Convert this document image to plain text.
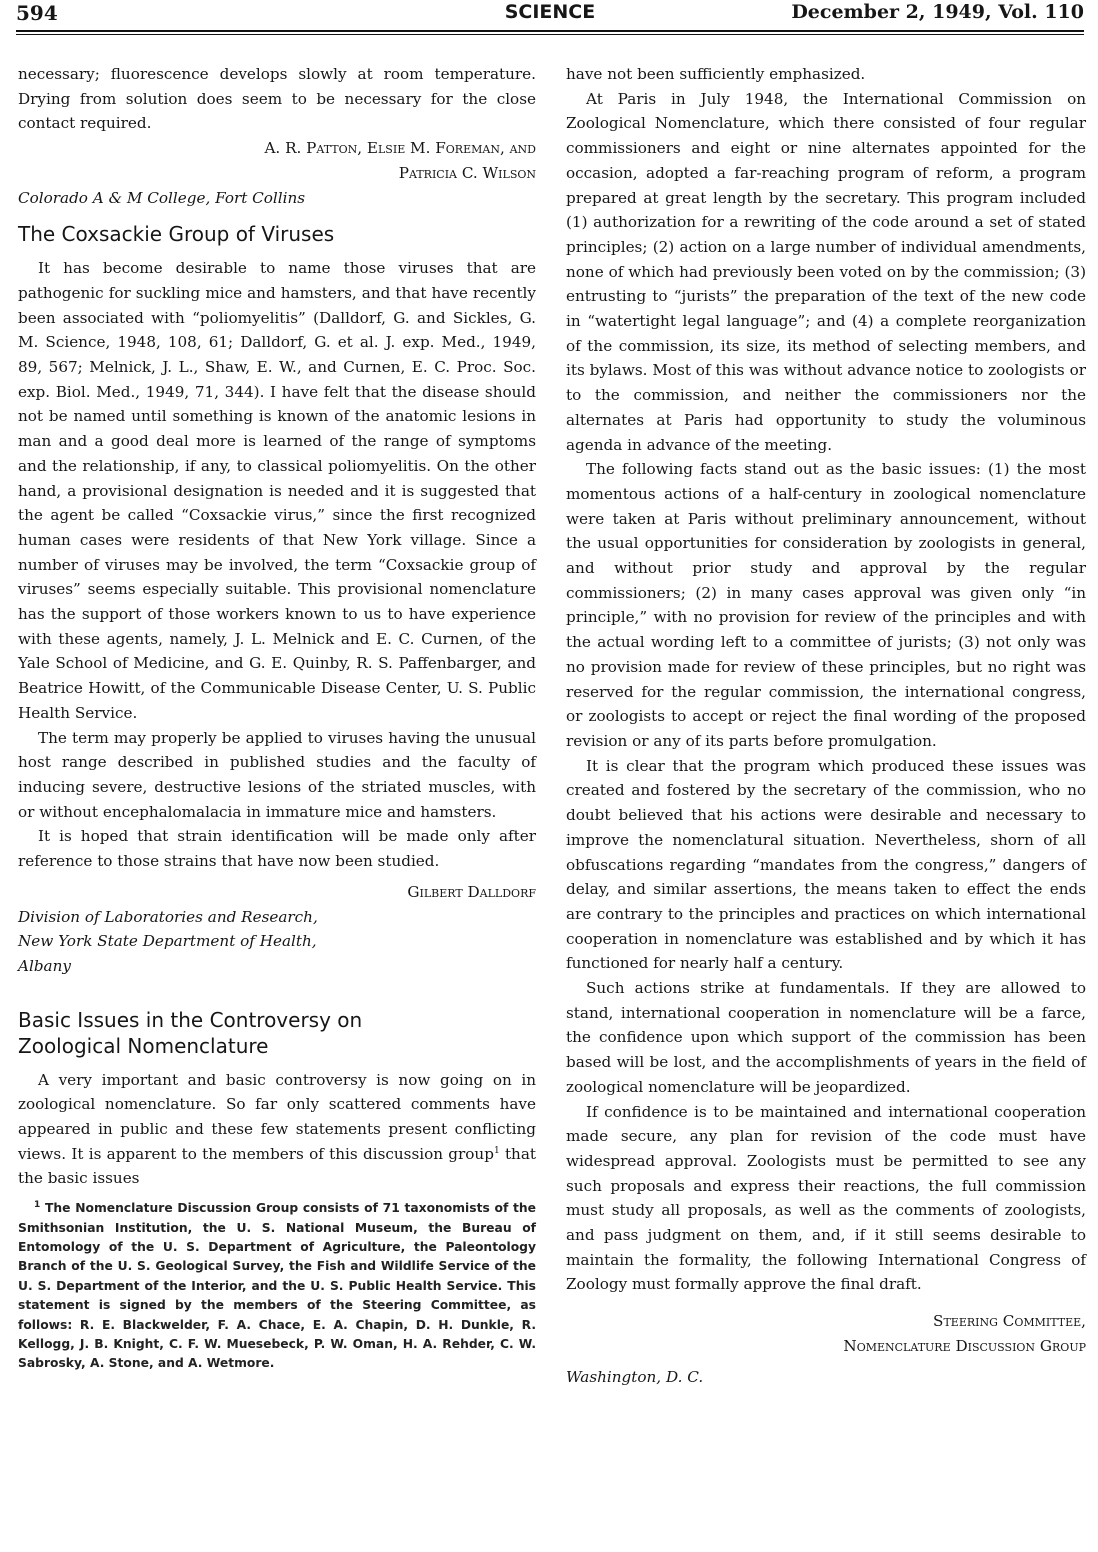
594	SCIENCE	December 2, 1949, Vol. 110

necessary; fluorescence develops slowly at room temperature. Drying from solution does seem to be necessary for the close contact required.

A. R. Patton, Elsie M. Foreman, and
Patricia C. Wilson
Colorado A & M College, Fort Collins
The Coxsackie Group of Viruses

It has become desirable to name those viruses that are pathogenic for suckling mice and hamsters, and that have recently been associated with “poliomyelitis” (Dalldorf, G. and Sickles, G. M. Science, 1948, 108, 61; Dalldorf, G. et al. J. exp. Med., 1949, 89, 567; Melnick, J. L., Shaw, E. W., and Curnen, E. C. Proc. Soc. exp. Biol. Med., 1949, 71, 344). I have felt that the disease should not be named until something is known of the anatomic lesions in man and a good deal more is learned of the range of symptoms and the relationship, if any, to classical poliomyelitis. On the other hand, a provisional designation is needed and it is suggested that the agent be called “Coxsackie virus,” since the first recognized human cases were residents of that New York village. Since a number of viruses may be involved, the term “Coxsackie group of viruses” seems especially suitable. This provisional nomenclature has the support of those workers known to us to have experience with these agents, namely, J. L. Melnick and E. C. Curnen, of the Yale School of Medicine, and G. E. Quinby, R. S. Paffenbarger, and Beatrice Howitt, of the Communicable Disease Center, U. S. Public Health Service.

The term may properly be applied to viruses having the unusual host range described in published studies and the faculty of inducing severe, destructive lesions of the striated muscles, with or without encephalomalacia in immature mice and hamsters.

It is hoped that strain identification will be made only after reference to those strains that have now been studied.

Gilbert Dalldorf
Division of Laboratories and Research,
New York State Department of Health,
Albany
Basic Issues in the Controversy on
Zoological Nomenclature

A very important and basic controversy is now going on in zoological nomenclature. So far only scattered comments have appeared in public and these few statements present conflicting views. It is apparent to the members of this discussion group$^1$ that the basic issues

$^1$ The Nomenclature Discussion Group consists of 71 taxonomists of the Smithsonian Institution, the U. S. National Museum, the Bureau of Entomology of the U. S. Department of Agriculture, the Paleontology Branch of the U. S. Geological Survey, the Fish and Wildlife Service of the U. S. Department of the Interior, and the U. S. Public Health Service. This statement is signed by the members of the Steering Committee, as follows: R. E. Blackwelder, F. A. Chace, E. A. Chapin, D. H. Dunkle, R. Kellogg, J. B. Knight, C. F. W. Muesebeck, P. W. Oman, H. A. Rehder, C. W. Sabrosky, A. Stone, and A. Wetmore.

have not been sufficiently emphasized.

At Paris in July 1948, the International Commission on Zoological Nomenclature, which there consisted of four regular commissioners and eight or nine alternates appointed for the occasion, adopted a far-reaching program of reform, a program prepared at great length by the secretary. This program included (1) authorization for a rewriting of the code around a set of stated principles; (2) action on a large number of individual amendments, none of which had previously been voted on by the commission; (3) entrusting to “jurists” the preparation of the text of the new code in “watertight legal language”; and (4) a complete reorganization of the commission, its size, its method of selecting members, and its bylaws. Most of this was without advance notice to zoologists or to the commission, and neither the commissioners nor the alternates at Paris had opportunity to study the voluminous agenda in advance of the meeting.

The following facts stand out as the basic issues: (1) the most momentous actions of a half-century in zoological nomenclature were taken at Paris without preliminary announcement, without the usual opportunities for consideration by zoologists in general, and without prior study and approval by the regular commissioners; (2) in many cases approval was given only “in principle,” with no provision for review of the principles and with the actual wording left to a committee of jurists; (3) not only was no provision made for review of these principles, but no right was reserved for the regular commission, the international congress, or zoologists to accept or reject the final wording of the proposed revision or any of its parts before promulgation.

It is clear that the program which produced these issues was created and fostered by the secretary of the commission, who no doubt believed that his actions were desirable and necessary to improve the nomenclatural situation. Nevertheless, shorn of all obfuscations regarding “mandates from the congress,” dangers of delay, and similar assertions, the means taken to effect the ends are contrary to the principles and practices on which international cooperation in nomenclature was established and by which it has functioned for nearly half a century.

Such actions strike at fundamentals. If they are allowed to stand, international cooperation in nomenclature will be a farce, the confidence upon which support of the commission has been based will be lost, and the accomplishments of years in the field of zoological nomenclature will be jeopardized.

If confidence is to be maintained and international cooperation made secure, any plan for revision of the code must have widespread approval. Zoologists must be permitted to see any such proposals and express their reactions, the full commission must study all proposals, as well as the comments of zoologists, and pass judgment on them, and, if it still seems desirable to maintain the formality, the following International Congress of Zoology must formally approve the final draft.

Steering Committee,
Nomenclature Discussion Group
Washington, D. C.
